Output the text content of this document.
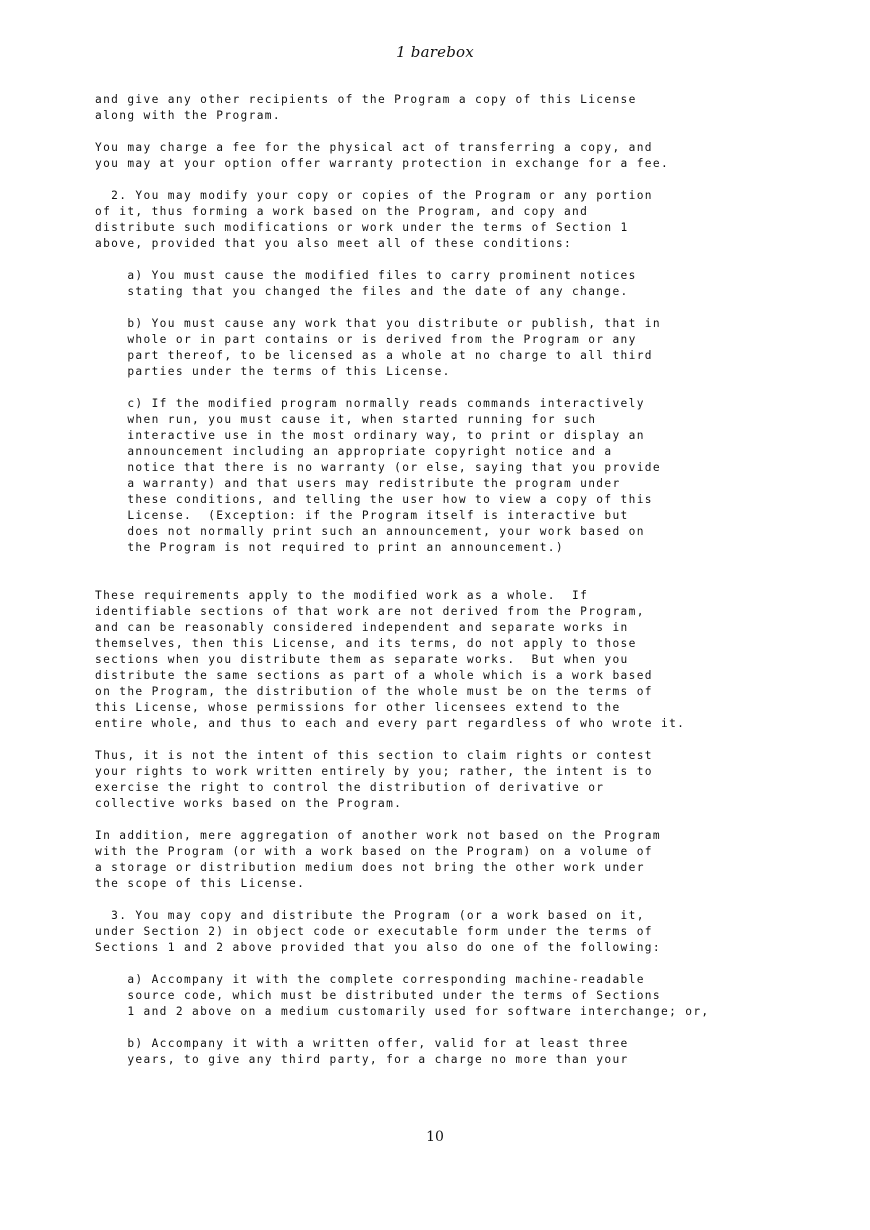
1 barebox
and give any other recipients of the Program a copy of this License
along with the Program.
You may charge a fee for the physical act of transferring a copy, and
you may at your option offer warranty protection in exchange for a fee.
2. You may modify your copy or copies of the Program or any portion
of it, thus forming a work based on the Program, and copy and
distribute such modifications or work under the terms of Section 1
above, provided that you also meet all of these conditions:
a) You must cause the modified files to carry prominent notices
stating that you changed the files and the date of any change.
b) You must cause any work that you distribute or publish, that in
whole or in part contains or is derived from the Program or any
part thereof, to be licensed as a whole at no charge to all third
parties under the terms of this License.
c) If the modified program normally reads commands interactively
when run, you must cause it, when started running for such
interactive use in the most ordinary way, to print or display an
announcement including an appropriate copyright notice and a
notice that there is no warranty (or else, saying that you provide
a warranty) and that users may redistribute the program under
these conditions, and telling the user how to view a copy of this
License.  (Exception: if the Program itself is interactive but
does not normally print such an announcement, your work based on
the Program is not required to print an announcement.)
These requirements apply to the modified work as a whole.  If
identifiable sections of that work are not derived from the Program,
and can be reasonably considered independent and separate works in
themselves, then this License, and its terms, do not apply to those
sections when you distribute them as separate works.  But when you
distribute the same sections as part of a whole which is a work based
on the Program, the distribution of the whole must be on the terms of
this License, whose permissions for other licensees extend to the
entire whole, and thus to each and every part regardless of who wrote it.
Thus, it is not the intent of this section to claim rights or contest
your rights to work written entirely by you; rather, the intent is to
exercise the right to control the distribution of derivative or
collective works based on the Program.
In addition, mere aggregation of another work not based on the Program
with the Program (or with a work based on the Program) on a volume of
a storage or distribution medium does not bring the other work under
the scope of this License.
3. You may copy and distribute the Program (or a work based on it,
under Section 2) in object code or executable form under the terms of
Sections 1 and 2 above provided that you also do one of the following:
a) Accompany it with the complete corresponding machine-readable
source code, which must be distributed under the terms of Sections
1 and 2 above on a medium customarily used for software interchange; or,
b) Accompany it with a written offer, valid for at least three
years, to give any third party, for a charge no more than your
10
